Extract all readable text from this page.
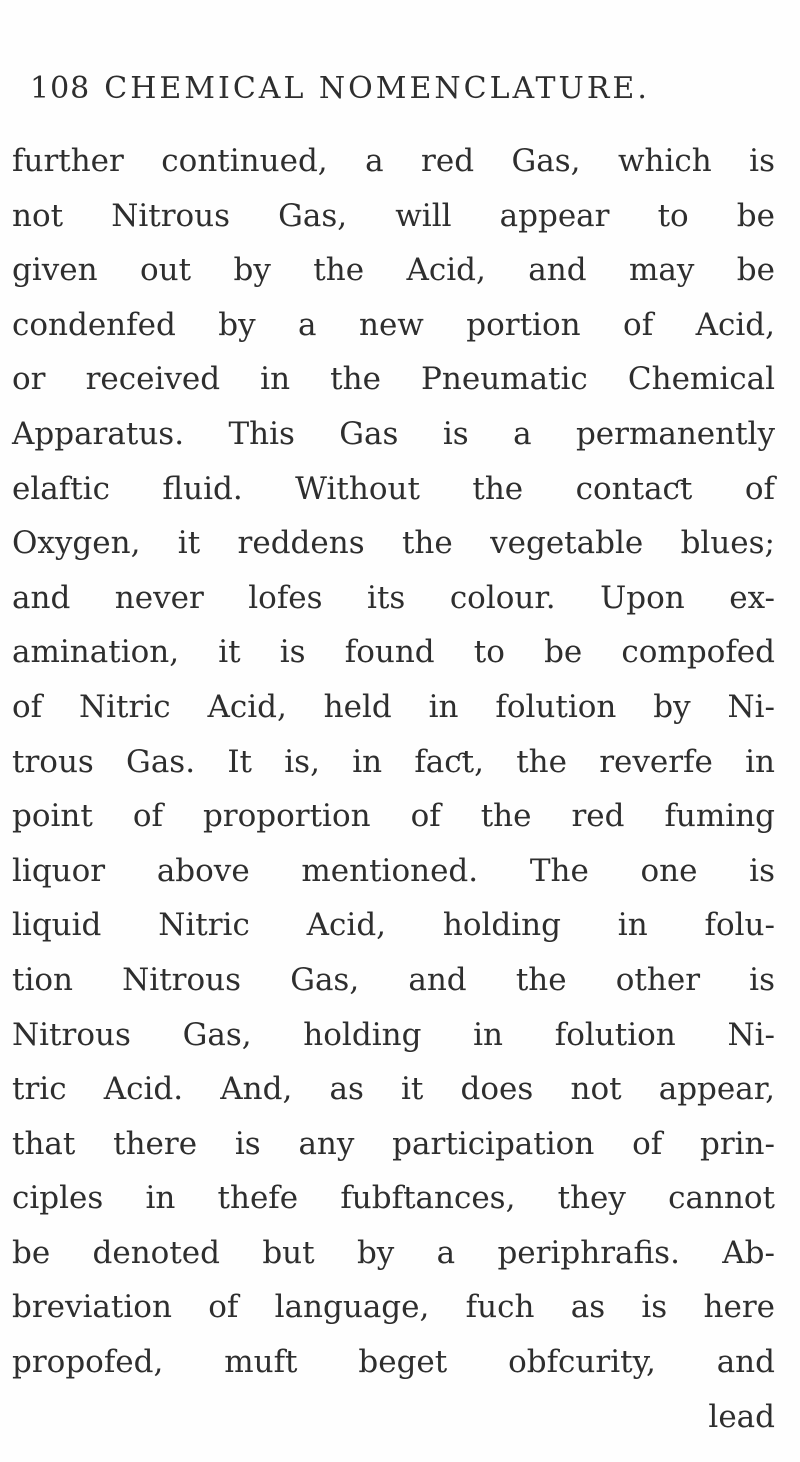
108 CHEMICAL NOMENCLATURE.
further continued, a red Gas, which is
not Nitrous Gas, will appear to be
given out by the Acid, and may be
condenfed by a new portion of Acid,
or received in the Pneumatic Chemical
Apparatus. This Gas is a permanently
elaftic fluid. Without the contaƈt of
Oxygen, it reddens the vegetable blues;
and never lofes its colour. Upon ex-
amination, it is found to be compofed
of Nitric Acid, held in folution by Ni-
trous Gas. It is, in faƈt, the reverfe in
point of proportion of the red fuming
liquor above mentioned. The one is
liquid Nitric Acid, holding in folu-
tion Nitrous Gas, and the other is
Nitrous Gas, holding in folution Ni-
tric Acid. And, as it does not appear,
that there is any participation of prin-
ciples in thefe fubftances, they cannot
be denoted but by a periphrafis. Ab-
breviation of language, fuch as is here
propofed, muft beget obfcurity, and
lead
